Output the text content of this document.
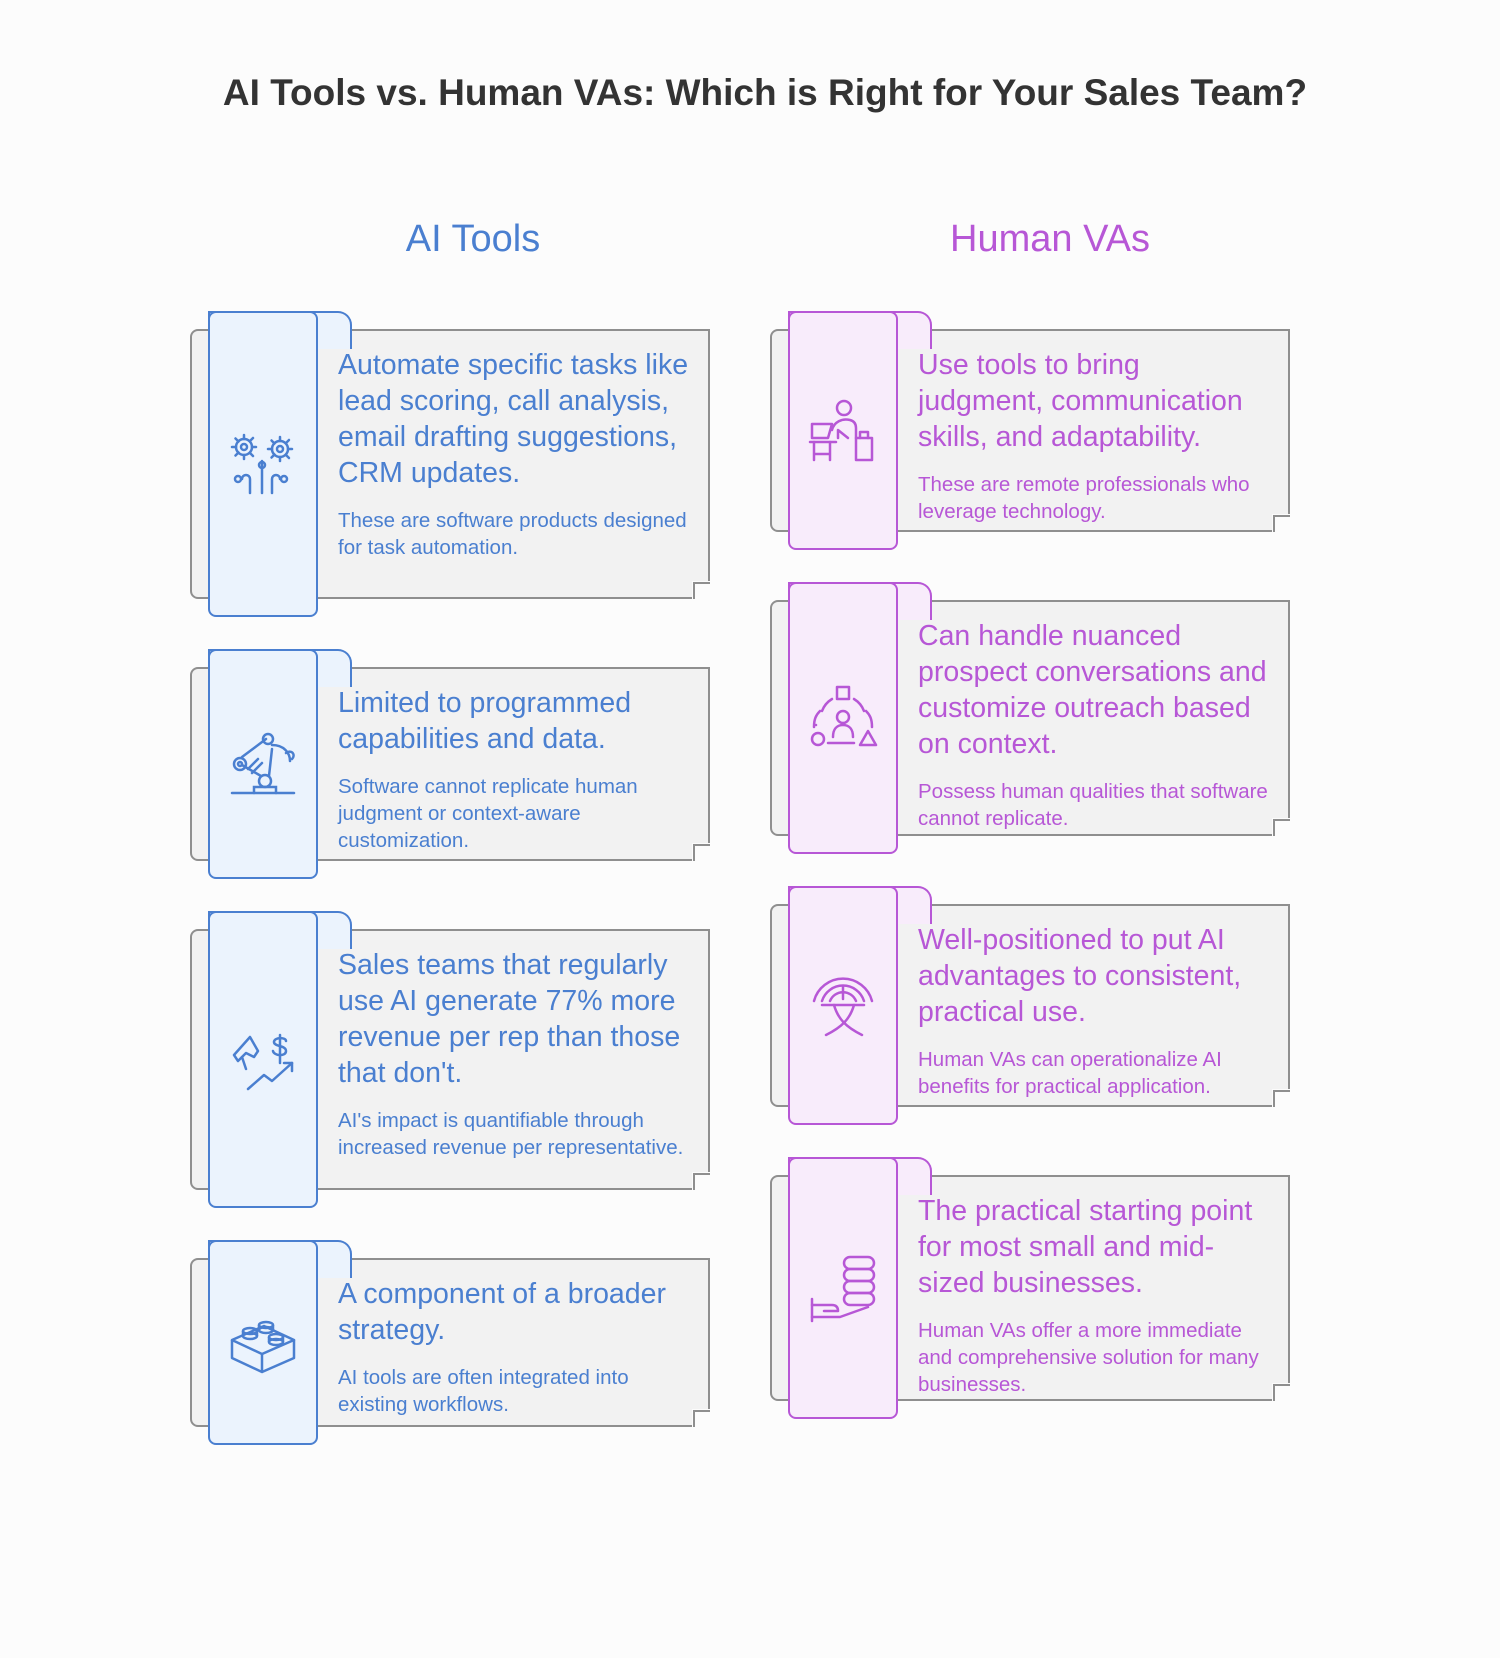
AI Tools vs. Human VAs: Which is Right for Your Sales Team?
AI Tools	Human VAs
Automate specific tasks like lead scoring, call analysis, email drafting suggestions, CRM updates.
These are software products designed for task automation.
Limited to programmed capabilities and data.
Software cannot replicate human judgment or context-aware customization.
Sales teams that regularly use AI generate 77% more revenue per rep than those that don't.
AI's impact is quantifiable through increased revenue per representative.
A component of a broader strategy.
AI tools are often integrated into existing workflows.
Use tools to bring judgment, communication skills, and adaptability.
These are remote professionals who leverage technology.
Can handle nuanced prospect conversations and customize outreach based on context.
Possess human qualities that software cannot replicate.
Well-positioned to put AI advantages to consistent, practical use.
Human VAs can operationalize AI benefits for practical application.
The practical starting point for most small and mid-sized businesses.
Human VAs offer a more immediate and comprehensive solution for many businesses.
